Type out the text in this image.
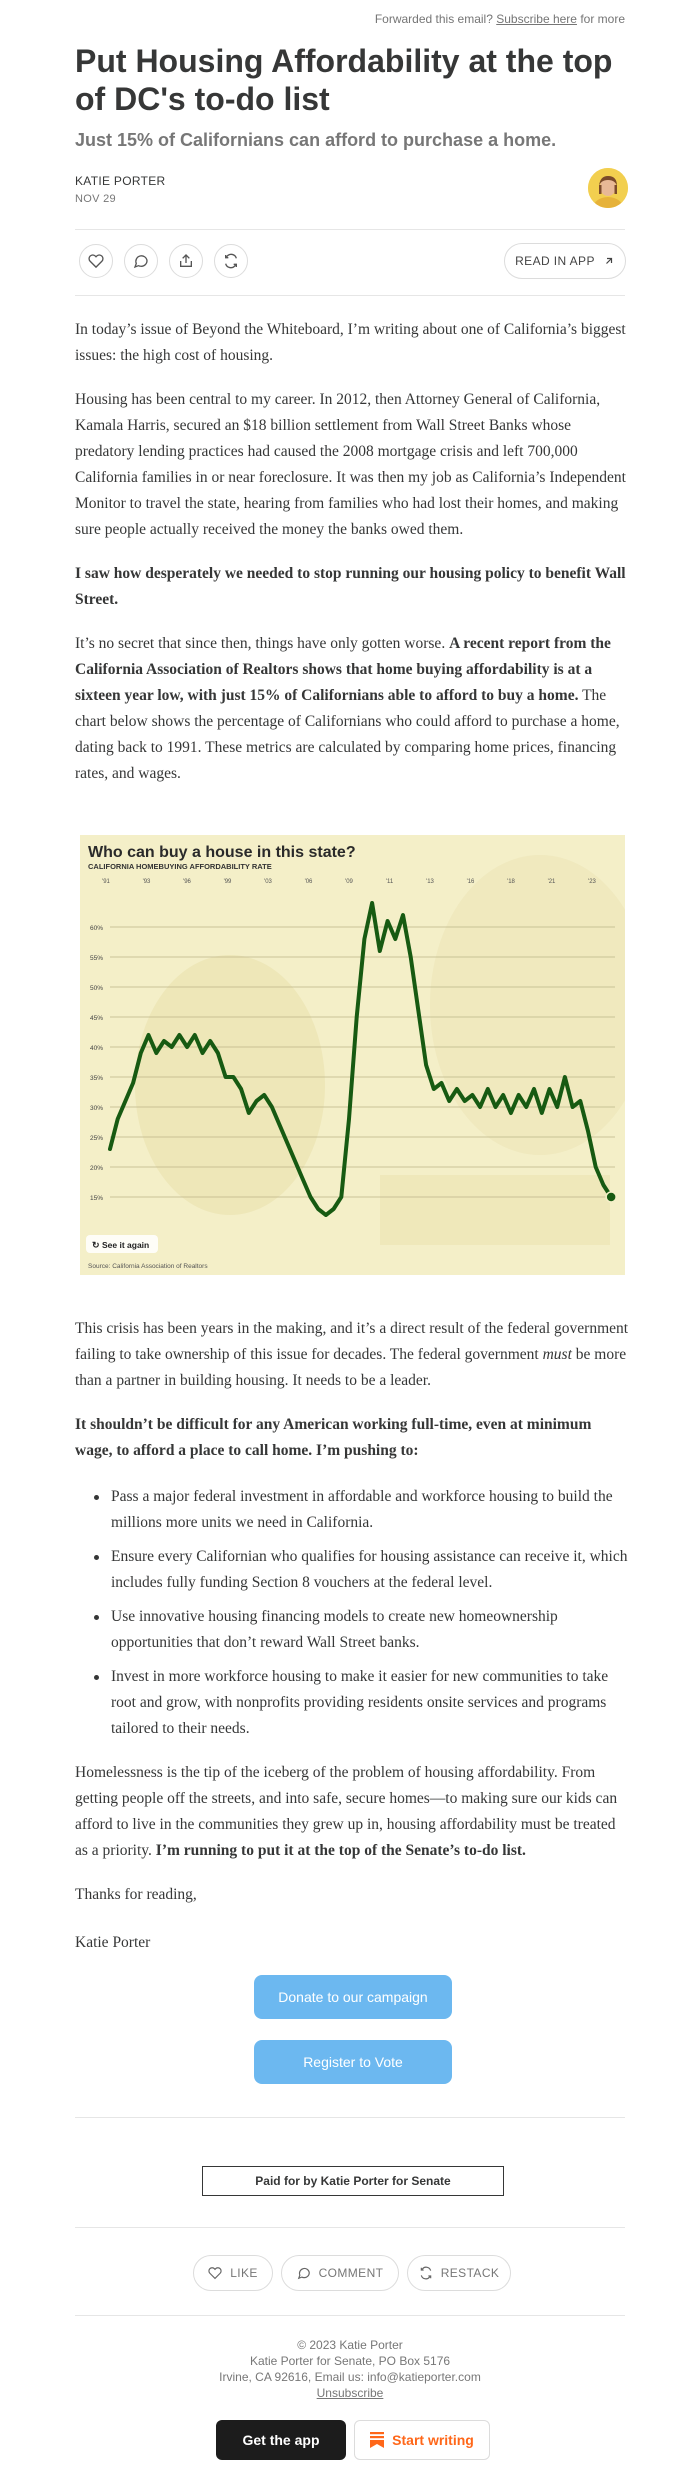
Forwarded this email? Subscribe here for more
Put Housing Affordability at the top of DC's to-do list
Just 15% of Californians can afford to purchase a home.
KATIE PORTER
NOV 29
READ IN APP

In today’s issue of Beyond the Whiteboard, I’m writing about one of California’s biggest issues: the high cost of housing.

Housing has been central to my career. In 2012, then Attorney General of California, Kamala Harris, secured an $18 billion settlement from Wall Street Banks whose predatory lending practices had caused the 2008 mortgage crisis and left 700,000 California families in or near foreclosure. It was then my job as California’s Independent Monitor to travel the state, hearing from families who had lost their homes, and making sure people actually received the money the banks owed them.

I saw how desperately we needed to stop running our housing policy to benefit Wall Street.

It’s no secret that since then, things have only gotten worse. A recent report from the California Association of Realtors shows that home buying affordability is at a sixteen year low, with just 15% of Californians able to afford to buy a home. The chart below shows the percentage of Californians who could afford to purchase a home, dating back to 1991. These metrics are calculated by comparing home prices, financing rates, and wages.

Who can buy a house in this state?
CALIFORNIA HOMEBUYING AFFORDABILITY RATE
'91	'93	'96	'99	'03	'06	'09	'11	'13	'16	'18	'21	'23
60%
55%
50%
45%
40%
35%
30%
25%
20%
15%
↻ See it again
Source: California Association of Realtors

This crisis has been years in the making, and it’s a direct result of the federal government failing to take ownership of this issue for decades. The federal government must be more than a partner in building housing. It needs to be a leader.

It shouldn’t be difficult for any American working full-time, even at minimum wage, to afford a place to call home. I’m pushing to:

Pass a major federal investment in affordable and workforce housing to build the millions more units we need in California.
Ensure every Californian who qualifies for housing assistance can receive it, which includes fully funding Section 8 vouchers at the federal level.
Use innovative housing financing models to create new homeownership opportunities that don’t reward Wall Street banks.
Invest in more workforce housing to make it easier for new communities to take root and grow, with nonprofits providing residents onsite services and programs tailored to their needs.

Homelessness is the tip of the iceberg of the problem of housing affordability. From getting people off the streets, and into safe, secure homes—to making sure our kids can afford to live in the communities they grew up in, housing affordability must be treated as a priority. I’m running to put it at the top of the Senate’s to-do list.

Thanks for reading,

Katie Porter

Donate to our campaign
Register to Vote
Paid for by Katie Porter for Senate
LIKE	COMMENT	RESTACK
© 2023 Katie Porter
Katie Porter for Senate, PO Box 5176
Irvine, CA 92616, Email us: info@katieporter.com
Unsubscribe
Get the app	Start writing
